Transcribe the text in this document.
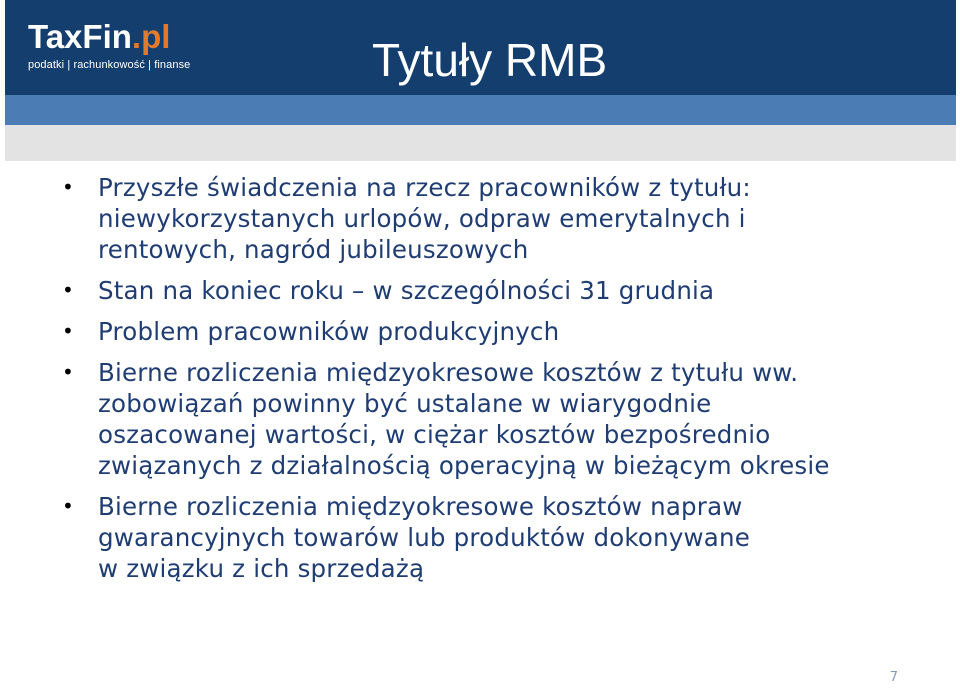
TaxFin.pl
podatki | rachunkowość | finanse	Tytuły RMB
• Przyszłe świadczenia na rzecz pracowników z tytułu:
niewykorzystanych urlopów, odpraw emerytalnych i
rentowych, nagród jubileuszowych
• Stan na koniec roku – w szczególności 31 grudnia
• Problem pracowników produkcyjnych
• Bierne rozliczenia międzyokresowe kosztów z tytułu ww.
zobowiązań powinny być ustalane w wiarygodnie
oszacowanej wartości, w ciężar kosztów bezpośrednio
związanych z działalnością operacyjną w bieżącym okresie
• Bierne rozliczenia międzyokresowe kosztów napraw
gwarancyjnych towarów lub produktów dokonywane
w związku z ich sprzedażą
7
